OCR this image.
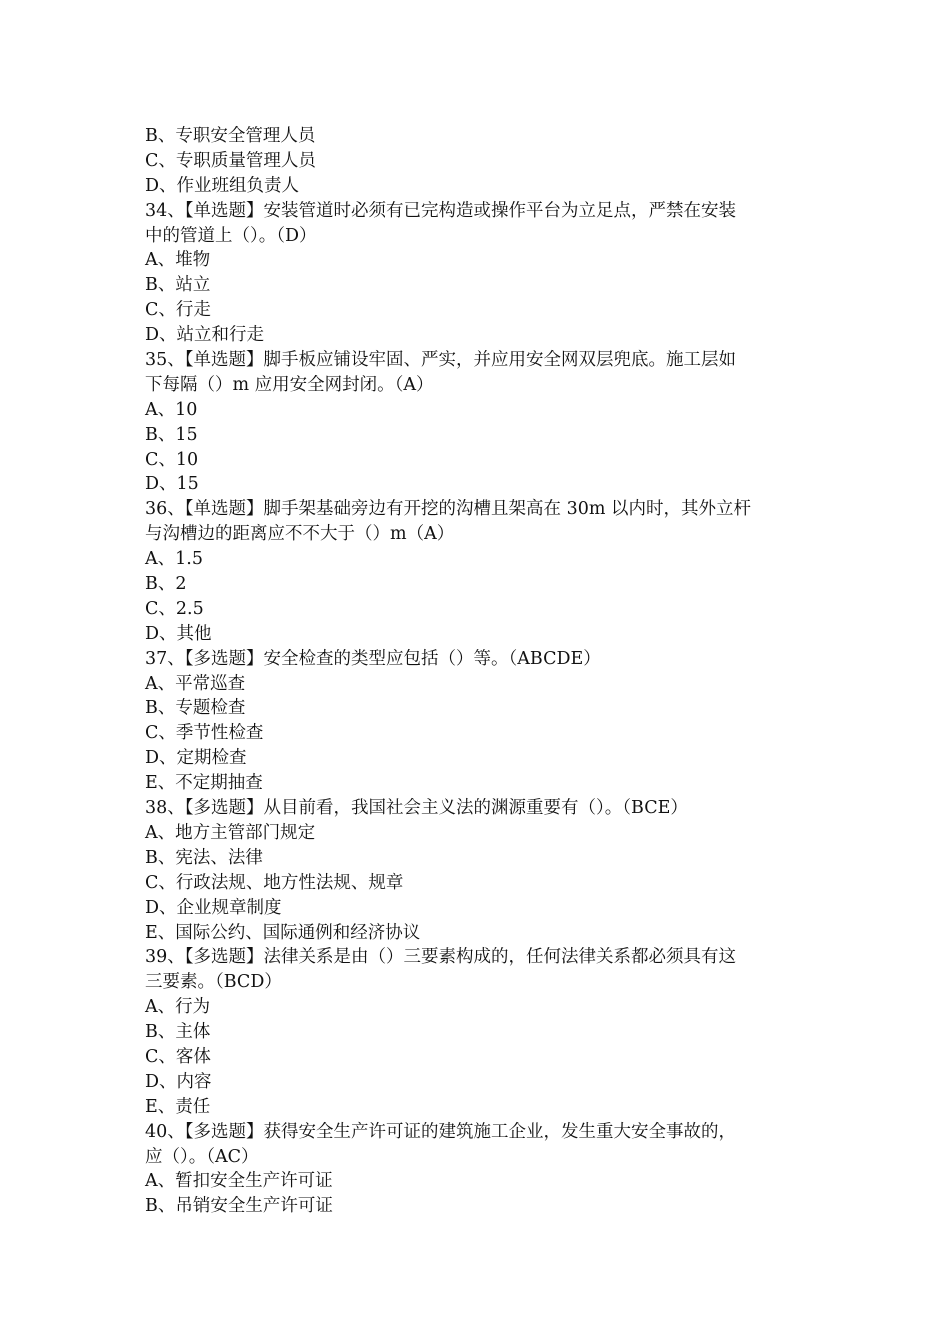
B、专职安全管理人员
C、专职质量管理人员
D、作业班组负责人
34、【单选题】安装管道时必须有已完构造或操作平台为立足点，严禁在安装
中的管道上（）。（D）
A、堆物
B、站立
C、行走
D、站立和行走
35、【单选题】脚手板应铺设牢固、严实，并应用安全网双层兜底。施工层如
下每隔（）m 应用安全网封闭。（A）
A、10
B、15
C、10
D、15
36、【单选题】脚手架基础旁边有开挖的沟槽且架高在 30m 以内时，其外立杆
与沟槽边的距离应不不大于（）m（A）
A、1.5
B、2
C、2.5
D、其他
37、【多选题】安全检查的类型应包括（）等。（ABCDE）
A、平常巡查
B、专题检查
C、季节性检查
D、定期检查
E、不定期抽查
38、【多选题】从目前看，我国社会主义法的渊源重要有（）。（BCE）
A、地方主管部门规定
B、宪法、法律
C、行政法规、地方性法规、规章
D、企业规章制度
E、国际公约、国际通例和经济协议
39、【多选题】法律关系是由（）三要素构成的，任何法律关系都必须具有这
三要素。（BCD）
A、行为
B、主体
C、客体
D、内容
E、责任
40、【多选题】获得安全生产许可证的建筑施工企业，发生重大安全事故的，
应（）。（AC）
A、暂扣安全生产许可证
B、吊销安全生产许可证
